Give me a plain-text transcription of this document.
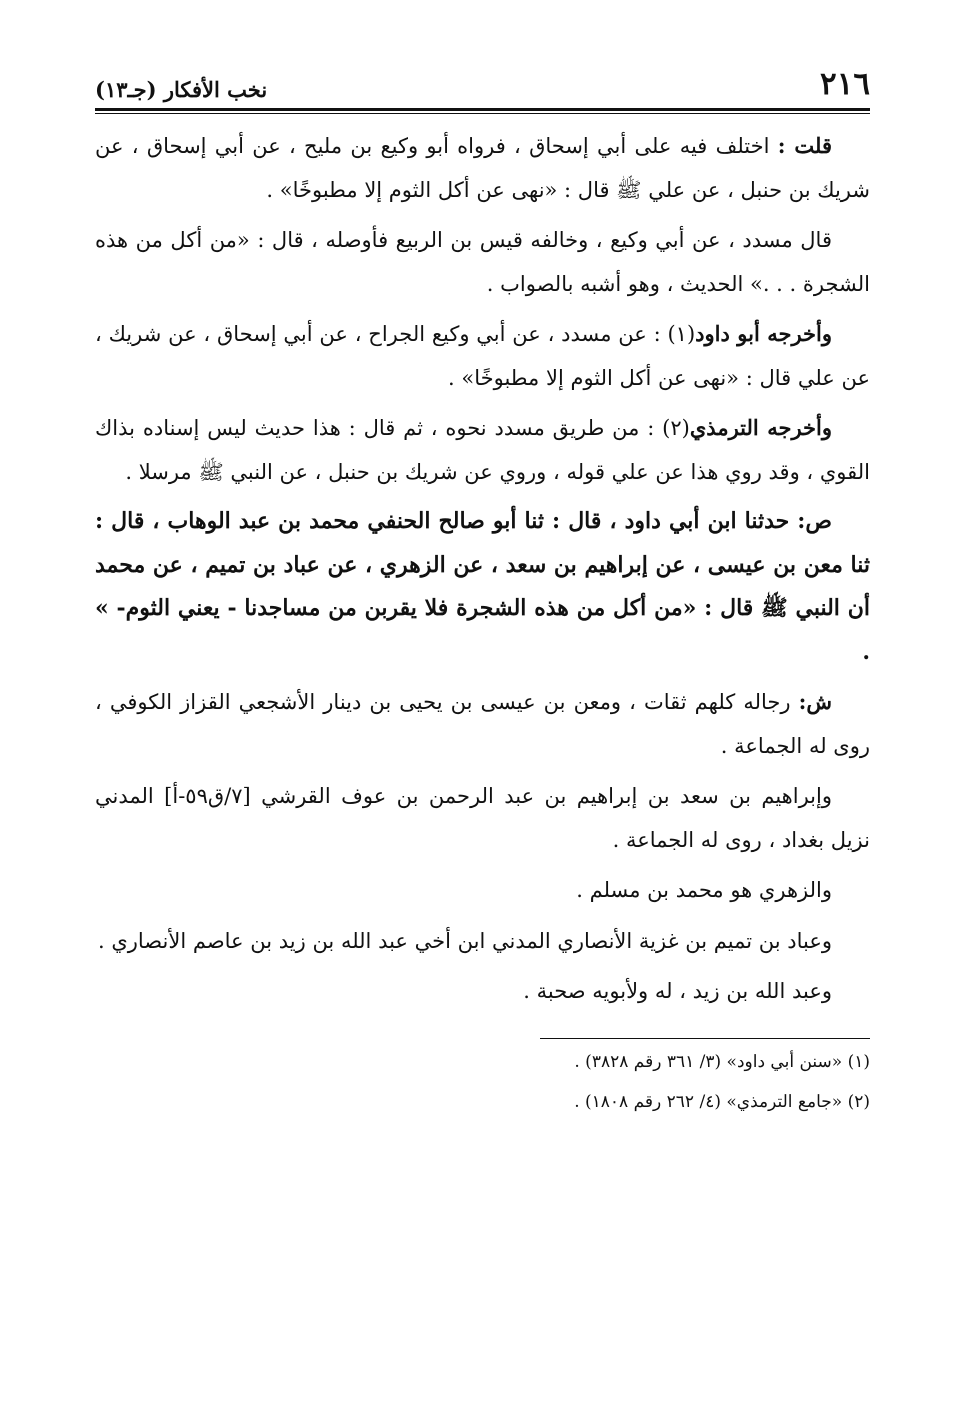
٢١٦
نخب الأفكار (جـ١٣)

قلت : اختلف فيه على أبي إسحاق ، فرواه أبو وكيع بن مليح ، عن أبي إسحاق ، عن شريك بن حنبل ، عن علي ﷺ قال : «نهى عن أكل الثوم إلا مطبوخًا» .

قال مسدد ، عن أبي وكيع ، وخالفه قيس بن الربيع فأوصله ، قال : «من أكل من هذه الشجرة . . .» الحديث ، وهو أشبه بالصواب .

وأخرجه أبو داود(١) : عن مسدد ، عن أبي وكيع الجراح ، عن أبي إسحاق ، عن شريك ، عن علي قال : «نهى عن أكل الثوم إلا مطبوخًا» .

وأخرجه الترمذي(٢) : من طريق مسدد نحوه ، ثم قال : هذا حديث ليس إسناده بذاك القوي ، وقد روي هذا عن علي قوله ، وروي عن شريك بن حنبل ، عن النبي ﷺ مرسلا .

ص: حدثنا ابن أبي داود ، قال : ثنا أبو صالح الحنفي محمد بن عبد الوهاب ، قال : ثنا معن بن عيسى ، عن إبراهيم بن سعد ، عن الزهري ، عن عباد بن تميم ، عن محمد أن النبي ﷺ قال : «من أكل من هذه الشجرة فلا يقربن من مساجدنا - يعني الثوم- » .

ش: رجاله كلهم ثقات ، ومعن بن عيسى بن يحيى بن دينار الأشجعي القزاز الكوفي ، روى له الجماعة .

وإبراهيم بن سعد بن إبراهيم بن عبد الرحمن بن عوف القرشي [٧/ق٥٩-أ] المدني نزيل بغداد ، روى له الجماعة .

والزهري هو محمد بن مسلم .

وعباد بن تميم بن غزية الأنصاري المدني ابن أخي عبد الله بن زيد بن عاصم الأنصاري .

وعبد الله بن زيد ، له ولأبويه صحبة .

(١) «سنن أبي داود» (٣/ ٣٦١ رقم ٣٨٢٨) .

(٢) «جامع الترمذي» (٤/ ٢٦٢ رقم ١٨٠٨) .
